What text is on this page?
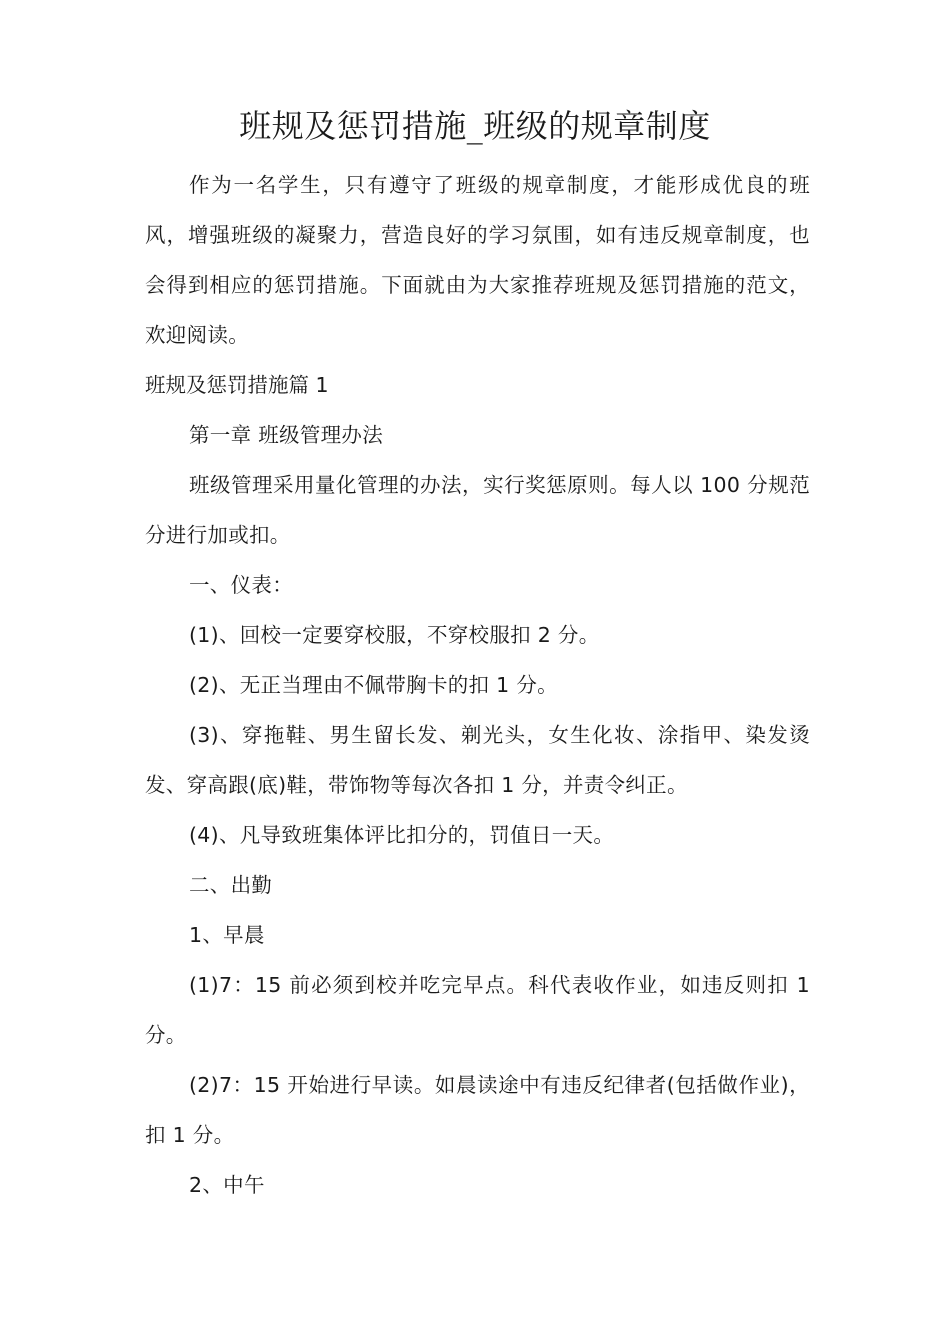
班规及惩罚措施_班级的规章制度
作为一名学生，只有遵守了班级的规章制度，才能形成优良的班风，增强班级的凝聚力，营造良好的学习氛围，如有违反规章制度，也会得到相应的惩罚措施。下面就由为大家推荐班规及惩罚措施的范文，欢迎阅读。
班规及惩罚措施篇 1
第一章 班级管理办法
班级管理采用量化管理的办法，实行奖惩原则。每人以 100 分规范分进行加或扣。
一、仪表：
(1)、回校一定要穿校服，不穿校服扣 2 分。
(2)、无正当理由不佩带胸卡的扣 1 分。
(3)、穿拖鞋、男生留长发、剃光头，女生化妆、涂指甲、染发烫发、穿高跟(底)鞋，带饰物等每次各扣 1 分，并责令纠正。
(4)、凡导致班集体评比扣分的，罚值日一天。
二、出勤
1、早晨
(1)7：15 前必须到校并吃完早点。科代表收作业，如违反则扣 1 分。
(2)7：15 开始进行早读。如晨读途中有违反纪律者(包括做作业)，扣 1 分。
2、中午
